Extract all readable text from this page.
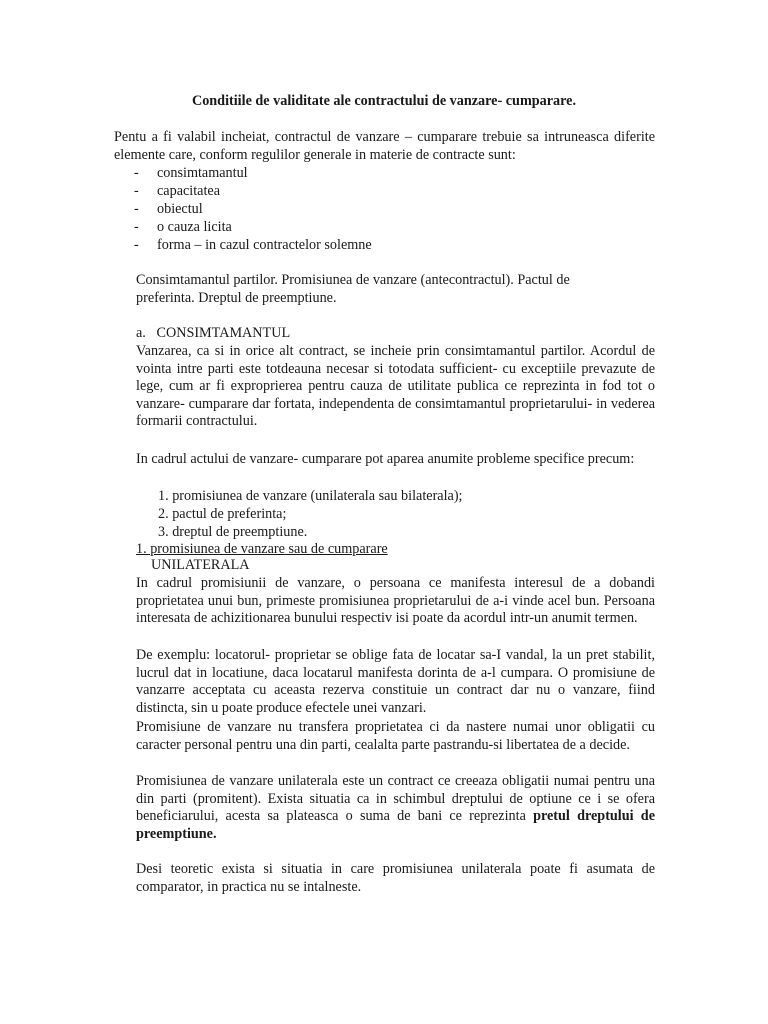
Conditiile de validitate ale contractului de vanzare- cumparare.

Pentu a fi valabil incheiat, contractul de vanzare – cumparare trebuie sa intruneasca diferite elemente care, conform regulilor generale in materie de contracte sunt:

- consimtamantul
- capacitatea
- obiectul
- o cauza licita
- forma – in cazul contractelor solemne

Consimtamantul partilor. Promisiunea de vanzare (antecontractul). Pactul de preferinta. Dreptul de preemptiune.

a.   CONSIMTAMANTUL

Vanzarea, ca si in orice alt contract, se incheie prin consimtamantul partilor. Acordul de vointa intre parti este totdeauna necesar si totodata sufficient- cu exceptiile prevazute de lege, cum ar fi exproprierea pentru cauza de utilitate publica ce reprezinta in fod tot o vanzare- cumparare dar fortata, independenta de consimtamantul proprietarului- in vederea formarii contractului.

In cadrul actului de vanzare- cumparare pot aparea anumite probleme specifice precum:

1. promisiunea de vanzare (unilaterala sau bilaterala);
2. pactul de preferinta;
3. dreptul de preemptiune.

1. promisiunea de vanzare sau de cumparare

UNILATERALA

In cadrul promisiunii de vanzare, o persoana ce manifesta interesul de a dobandi proprietatea unui bun, primeste promisiunea proprietarului de a-i vinde acel bun. Persoana interesata de achizitionarea bunului respectiv isi poate da acordul intr-un anumit termen.

De exemplu: locatorul- proprietar se oblige fata de locatar sa-I vandal, la un pret stabilit, lucrul dat in locatiune, daca locatarul manifesta dorinta de a-l cumpara. O promisiune de vanzarre acceptata cu aceasta rezerva constituie un contract dar nu o vanzare, fiind distincta, sin u poate produce efectele unei vanzari.

Promisiune de vanzare nu transfera proprietatea ci da nastere numai unor obligatii cu caracter personal pentru una din parti, cealalta parte pastrandu-si libertatea de a decide.

Promisiunea de vanzare unilaterala este un contract ce creeaza obligatii numai pentru una din parti (promitent). Exista situatia ca in schimbul dreptului de optiune ce i se ofera beneficiarului, acesta sa plateasca o suma de bani ce reprezinta pretul dreptului de preemptiune.

Desi teoretic exista si situatia in care promisiunea unilaterala poate fi asumata de comparator, in practica nu se intalneste.
